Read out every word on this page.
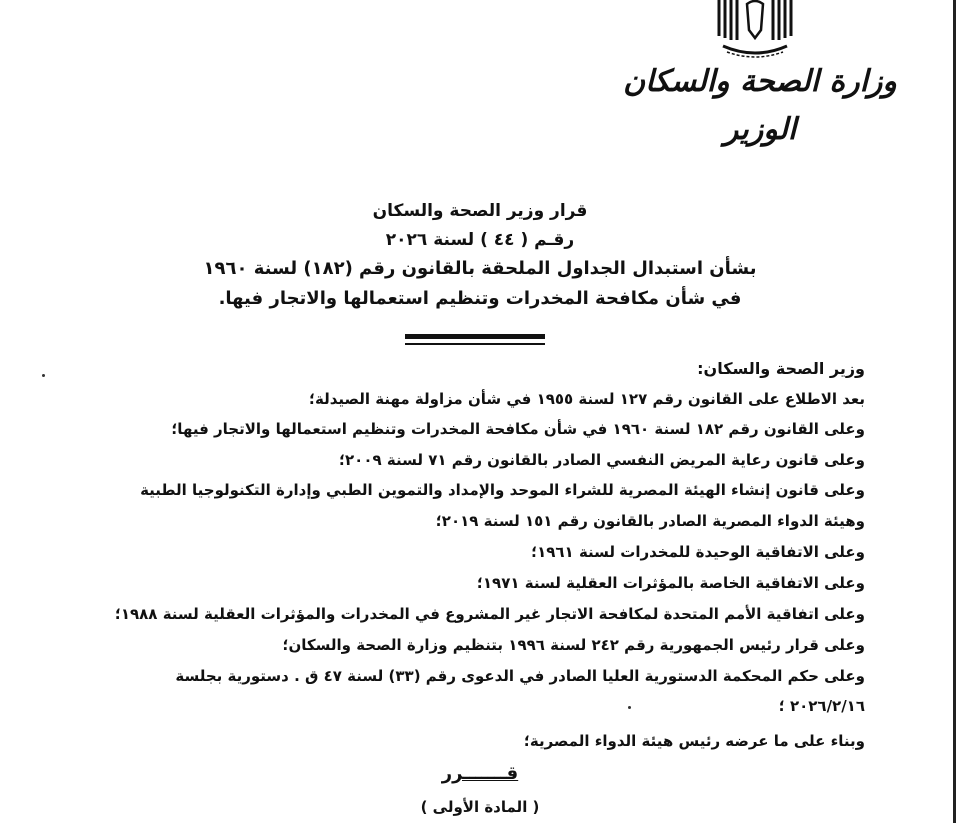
وزارة الصحة والسكان
الوزير
قرار وزير الصحة والسكان
رقـم ( ٤٤ ) لسنة ٢٠٢٦
بشأن استبدال الجداول الملحقة بالقانون رقم (١٨٢) لسنة ١٩٦٠
في شأن مكافحة المخدرات وتنظيم استعمالها والاتجار فيها.
وزير الصحة والسكان:
بعد الاطلاع على القانون رقم ١٢٧ لسنة ١٩٥٥ في شأن مزاولة مهنة الصيدلة؛
وعلى القانون رقم ١٨٢ لسنة ١٩٦٠ في شأن مكافحة المخدرات وتنظيم استعمالها والاتجار فيها؛
وعلى قانون رعاية المريض النفسي الصادر بالقانون رقم ٧١ لسنة ٢٠٠٩؛
وعلى قانون إنشاء الهيئة المصرية للشراء الموحد والإمداد والتموين الطبي وإدارة التكنولوجيا الطبية
وهيئة الدواء المصرية الصادر بالقانون رقم ١٥١ لسنة ٢٠١٩؛
وعلى الاتفاقية الوحيدة للمخدرات لسنة ١٩٦١؛
وعلى الاتفاقية الخاصة بالمؤثرات العقلية لسنة ١٩٧١؛
وعلى اتفاقية الأمم المتحدة لمكافحة الاتجار غير المشروع في المخدرات والمؤثرات العقلية لسنة ١٩٨٨؛
وعلى قرار رئيس الجمهورية رقم ٢٤٢ لسنة ١٩٩٦ بتنظيم وزارة الصحة والسكان؛
وعلى حكم المحكمة الدستورية العليا الصادر في الدعوى رقم (٣٣) لسنة ٤٧ ق . دستورية بجلسة
٢٠٢٦/٢/١٦ ؛
وبناء على ما عرضه رئيس هيئة الدواء المصرية؛
قـــــــرر
( المادة الأولى )
